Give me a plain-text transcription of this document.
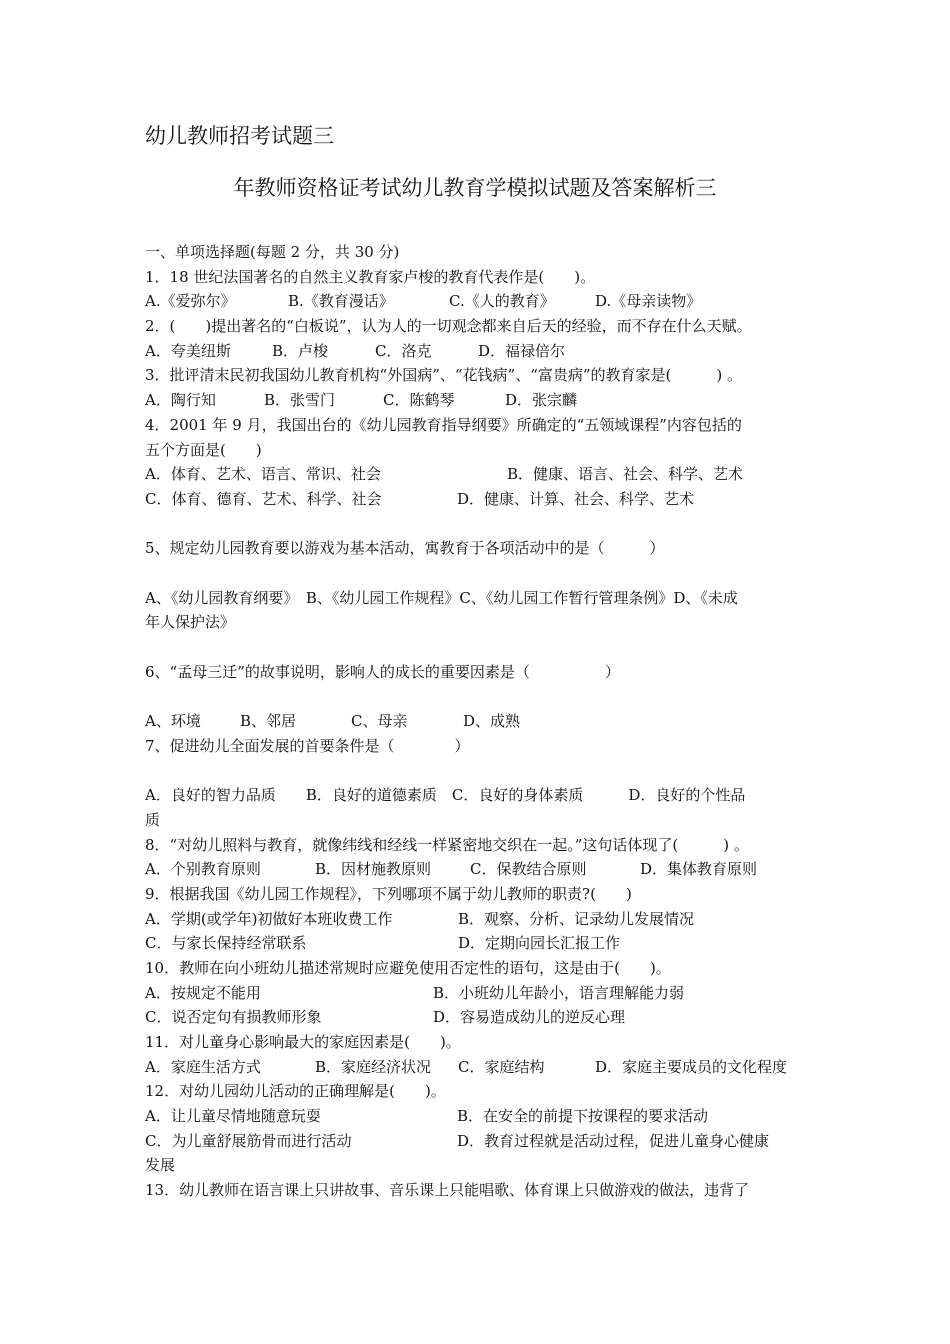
幼儿教师招考试题三
年教师资格证考试幼儿教育学模拟试题及答案解析三
一、单项选择题(每题 2 分，共 30 分)
1．18 世纪法国著名的自然主义教育家卢梭的教育代表作是(　　)。
A.《爱弥尔》	B.《教育漫话》	C.《人的教育》	D.《母亲读物》
2．(　　)提出著名的“白板说”，认为人的一切观念都来自后天的经验，而不存在什么天赋。
A．夸美纽斯	B．卢梭	C．洛克	D．福禄倍尔
3．批评清末民初我国幼儿教育机构“外国病”、“花钱病”、“富贵病”的教育家是(　　　) 。
A．陶行知	B．张雪门	C．陈鹤琴	D．张宗麟
4．2001 年 9 月，我国出台的《幼儿园教育指导纲要》所确定的“五领域课程”内容包括的
五个方面是(　　)
A．体育、艺术、语言、常识、社会	B．健康、语言、社会、科学、艺术
C．体育、德育、艺术、科学、社会	D．健康、计算、社会、科学、艺术
5、规定幼儿园教育要以游戏为基本活动，寓教育于各项活动中的是（　　　）
A、《幼儿园教育纲要》　B、《幼儿园工作规程》C、《幼儿园工作暂行管理条例》D、《未成
年人保护法》
6、“孟母三迁”的故事说明，影响人的成长的重要因素是（　　　　　）
A、环境	B、邻居	C、母亲	D、成熟
7、促进幼儿全面发展的首要条件是（　　　　）
A．良好的智力品质　　B．良好的道德素质　C．良好的身体素质　　　D．良好的个性品
质
8．“对幼儿照料与教育，就像纬线和经线一样紧密地交织在一起。”这句话体现了(　　　) 。
A．个别教育原则	B．因材施教原则	C．保教结合原则	D．集体教育原则
9．根据我国《幼儿园工作规程》，下列哪项不属于幼儿教师的职责?(　　)
A．学期(或学年)初做好本班收费工作	B．观察、分析、记录幼儿发展情况
C．与家长保持经常联系	D．定期向园长汇报工作
10．教师在向小班幼儿描述常规时应避免使用否定性的语句，这是由于(　　)。
A．按规定不能用	B．小班幼儿年龄小，语言理解能力弱
C．说否定句有损教师形象	D．容易造成幼儿的逆反心理
11．对儿童身心影响最大的家庭因素是(　　)。
A．家庭生活方式	B．家庭经济状况	C．家庭结构	D．家庭主要成员的文化程度
12．对幼儿园幼儿活动的正确理解是(　　)。
A．让儿童尽情地随意玩耍	B．在安全的前提下按课程的要求活动
C．为儿童舒展筋骨而进行活动	D．教育过程就是活动过程，促进儿童身心健康
发展
13．幼儿教师在语言课上只讲故事、音乐课上只能唱歌、体育课上只做游戏的做法，违背了
